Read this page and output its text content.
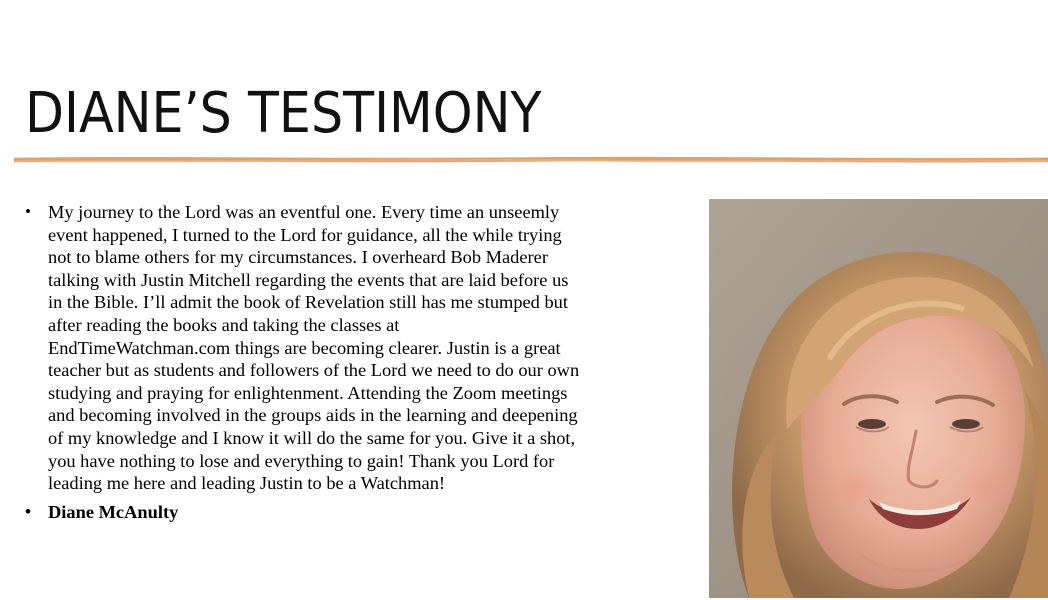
DIANE’S TESTIMONY
• My journey to the Lord was an eventful one. Every time an unseemly
event happened, I turned to the Lord for guidance, all the while trying
not to blame others for my circumstances. I overheard Bob Maderer
talking with Justin Mitchell regarding the events that are laid before us
in the Bible. I’ll admit the book of Revelation still has me stumped but
after reading the books and taking the classes at
EndTimeWatchman.com things are becoming clearer. Justin is a great
teacher but as students and followers of the Lord we need to do our own
studying and praying for enlightenment. Attending the Zoom meetings
and becoming involved in the groups aids in the learning and deepening
of my knowledge and I know it will do the same for you. Give it a shot,
you have nothing to lose and everything to gain! Thank you Lord for
leading me here and leading Justin to be a Watchman!
• Diane McAnulty
